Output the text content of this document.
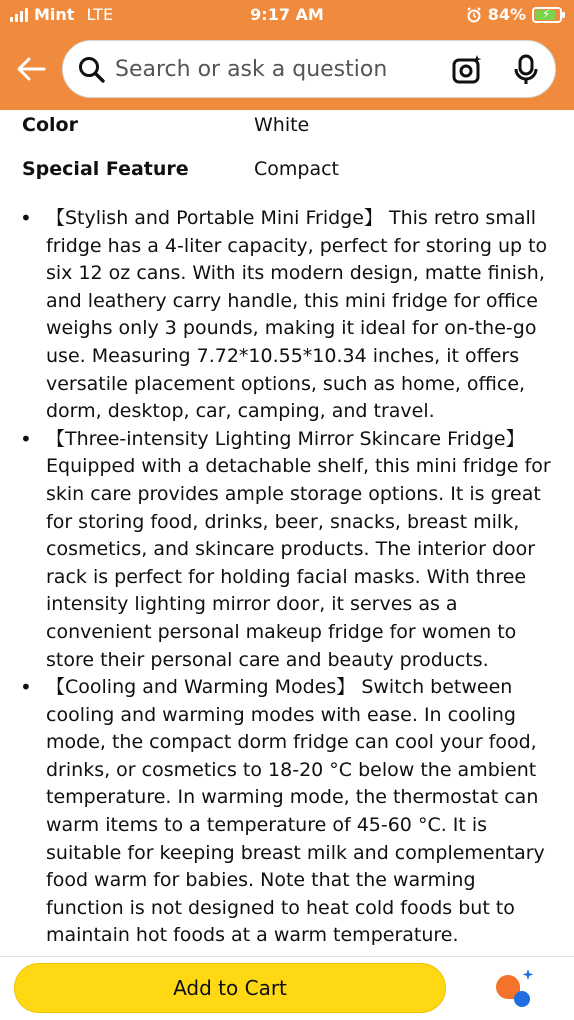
Mint LTE	9:17 AM	84% ⚡
Search or ask a question
Color	White
Special Feature	Compact
• 【Stylish and Portable Mini Fridge】 This retro small fridge has a 4-liter capacity, perfect for storing up to six 12 oz cans. With its modern design, matte finish, and leathery carry handle, this mini fridge for office weighs only 3 pounds, making it ideal for on-the-go use. Measuring 7.72*10.55*10.34 inches, it offers versatile placement options, such as home, office, dorm, desktop, car, camping, and travel.
• 【Three-intensity Lighting Mirror Skincare Fridge】 Equipped with a detachable shelf, this mini fridge for skin care provides ample storage options. It is great for storing food, drinks, beer, snacks, breast milk, cosmetics, and skincare products. The interior door rack is perfect for holding facial masks. With three intensity lighting mirror door, it serves as a convenient personal makeup fridge for women to store their personal care and beauty products.
• 【Cooling and Warming Modes】 Switch between cooling and warming modes with ease. In cooling mode, the compact dorm fridge can cool your food, drinks, or cosmetics to 18-20 °C below the ambient temperature. In warming mode, the thermostat can warm items to a temperature of 45-60 °C. It is suitable for keeping breast milk and complementary food warm for babies. Note that the warming function is not designed to heat cold foods but to maintain hot foods at a warm temperature.
Add to Cart
